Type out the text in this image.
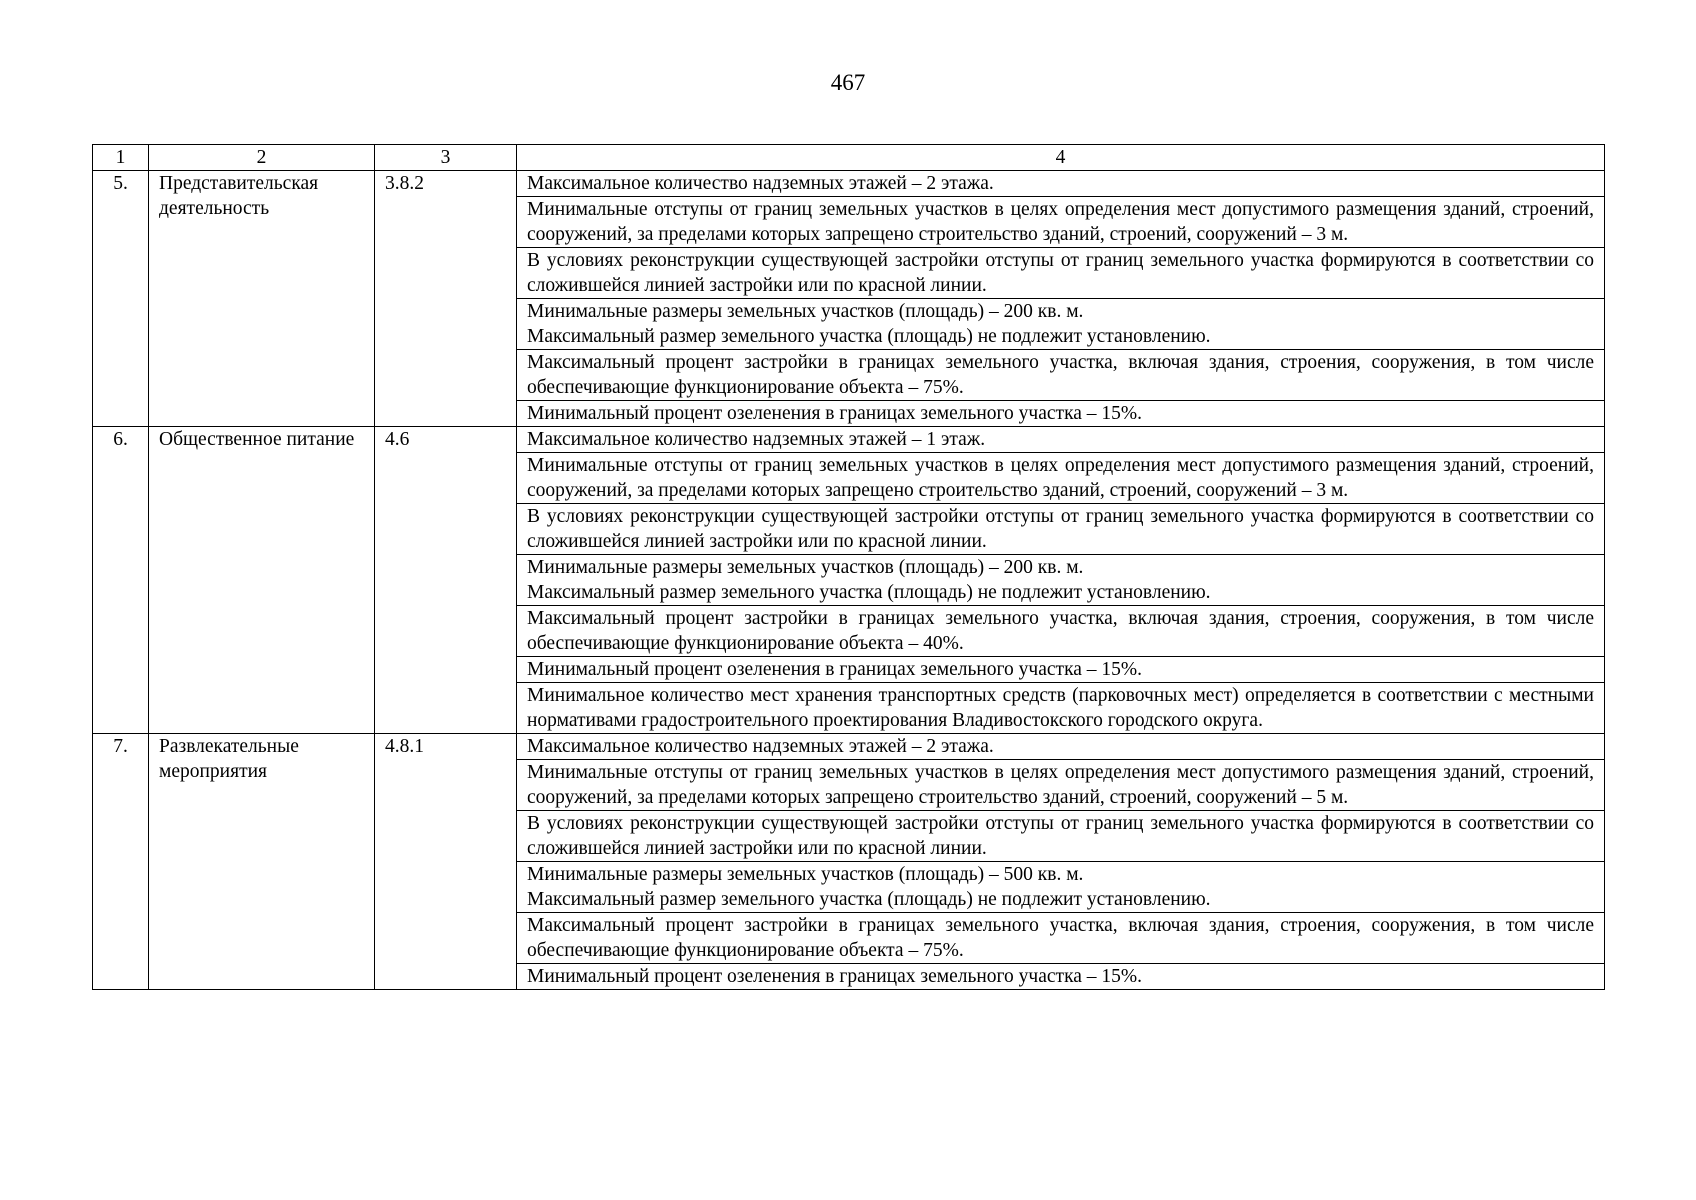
467
1	2	3	4
5.	Представительская деятельность	3.8.2	Максимальное количество надземных этажей – 2 этажа.
			Минимальные отступы от границ земельных участков в целях определения мест допустимого размещения зданий, строений, сооружений, за пределами которых запрещено строительство зданий, строений, сооружений – 3 м.
			В условиях реконструкции существующей застройки отступы от границ земельного участка формируются в соответствии со сложившейся линией застройки или по красной линии.

			Минимальные размеры земельных участков (площадь) – 200 кв. м.
Максимальный размер земельного участка (площадь) не подлежит установлению.

			Максимальный процент застройки в границах земельного участка, включая здания, строения, сооружения, в том числе обеспечивающие функционирование объекта – 75%.
			Минимальный процент озеленения в границах земельного участка – 15%.
6.	Общественное питание	4.6	Максимальное количество надземных этажей – 1 этаж.
			Минимальные отступы от границ земельных участков в целях определения мест допустимого размещения зданий, строений, сооружений, за пределами которых запрещено строительство зданий, строений, сооружений – 3 м.
			В условиях реконструкции существующей застройки отступы от границ земельного участка формируются в соответствии со сложившейся линией застройки или по красной линии.

			Минимальные размеры земельных участков (площадь) – 200 кв. м.
Максимальный размер земельного участка (площадь) не подлежит установлению.

			Максимальный процент застройки в границах земельного участка, включая здания, строения, сооружения, в том числе обеспечивающие функционирование объекта – 40%.
			Минимальный процент озеленения в границах земельного участка – 15%.
			Минимальное количество мест хранения транспортных средств (парковочных мест) определяется в соответствии с местными нормативами градостроительного проектирования Владивостокского городского округа.
7.	Развлекательные мероприятия	4.8.1	Максимальное количество надземных этажей – 2 этажа.
			Минимальные отступы от границ земельных участков в целях определения мест допустимого размещения зданий, строений, сооружений, за пределами которых запрещено строительство зданий, строений, сооружений – 5 м.
			В условиях реконструкции существующей застройки отступы от границ земельного участка формируются в соответствии со сложившейся линией застройки или по красной линии.

			Минимальные размеры земельных участков (площадь) – 500 кв. м.
Максимальный размер земельного участка (площадь) не подлежит установлению.

			Максимальный процент застройки в границах земельного участка, включая здания, строения, сооружения, в том числе обеспечивающие функционирование объекта – 75%.
			Минимальный процент озеленения в границах земельного участка – 15%.
